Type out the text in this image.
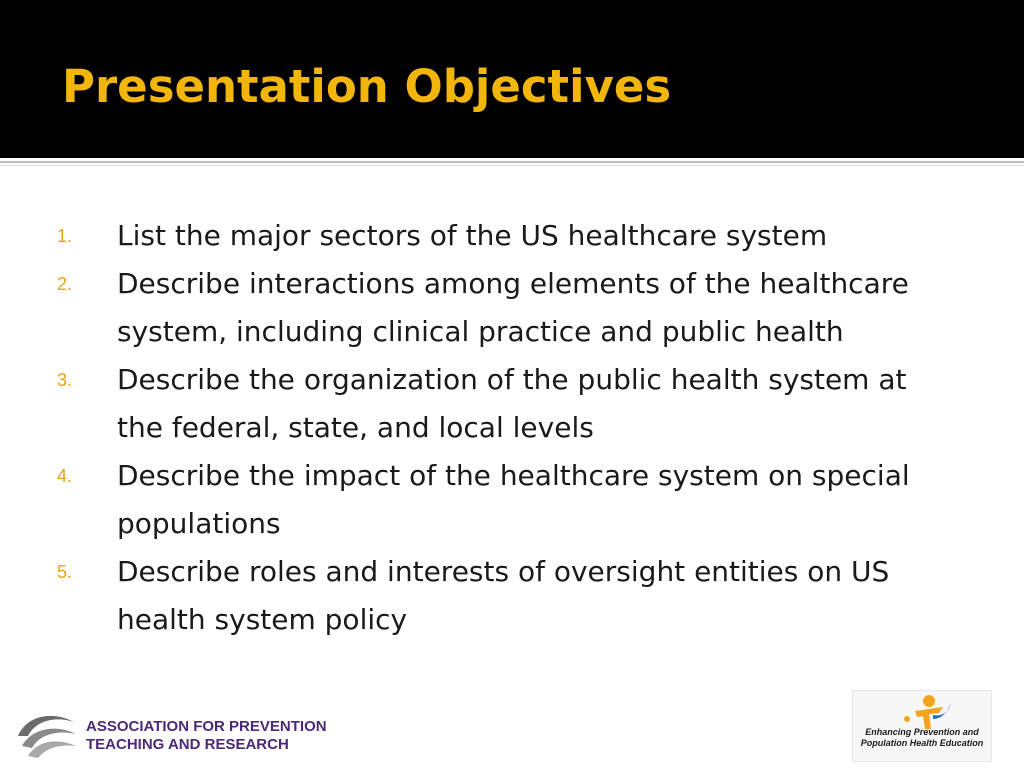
Presentation Objectives
1. List the major sectors of the US healthcare system
2. Describe interactions among elements of the healthcare system, including clinical practice and public health
3. Describe the organization of the public health system at the federal, state, and local levels
4. Describe the impact of the healthcare system on special populations
5. Describe roles and interests of oversight entities on US health system policy
ASSOCIATION FOR PREVENTION
TEACHING AND RESEARCH
Enhancing Prevention and
Population Health Education
